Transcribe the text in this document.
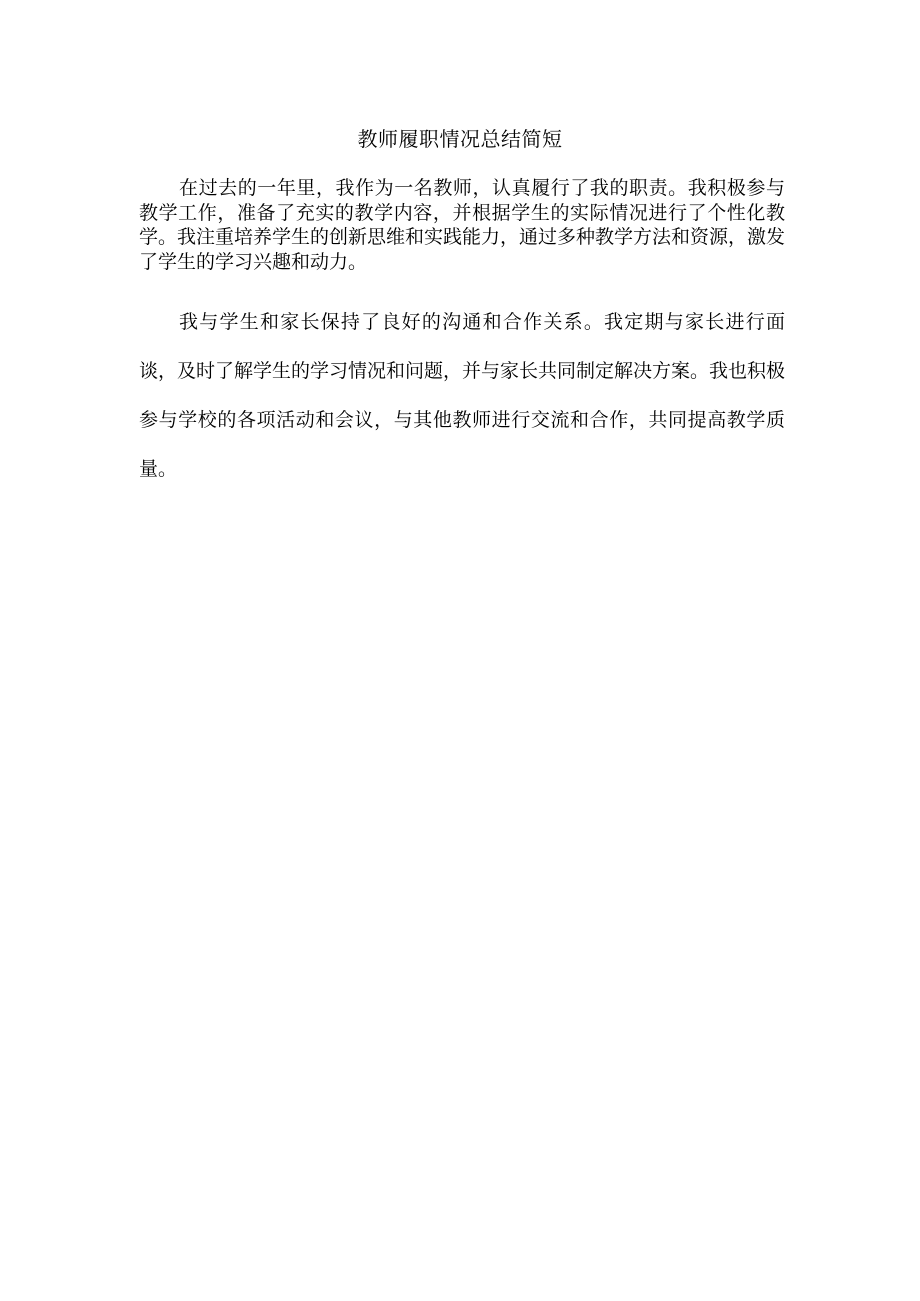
教师履职情况总结简短

在过去的一年里，我作为一名教师，认真履行了我的职责。我积极参与教学工作，准备了充实的教学内容，并根据学生的实际情况进行了个性化教学。我注重培养学生的创新思维和实践能力，通过多种教学方法和资源，激发了学生的学习兴趣和动力。

我与学生和家长保持了良好的沟通和合作关系。我定期与家长进行面谈，及时了解学生的学习情况和问题，并与家长共同制定解决方案。我也积极参与学校的各项活动和会议，与其他教师进行交流和合作，共同提高教学质量。
